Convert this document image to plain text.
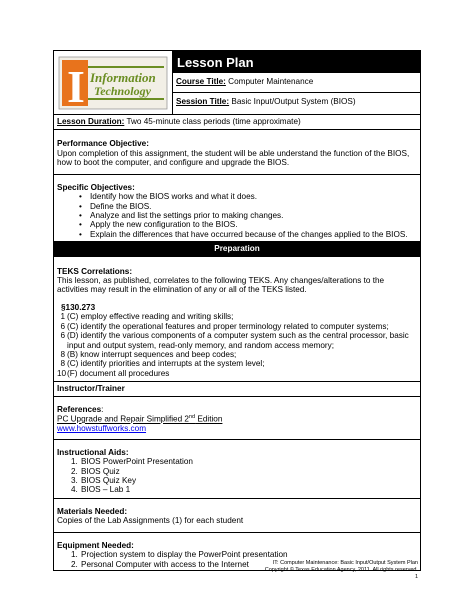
I Information
Technology
Lesson Plan
Course Title: Computer Maintenance
Session Title: Basic Input/Output System (BIOS)
Lesson Duration: Two 45-minute class periods (time approximate)
Performance Objective:
Upon completion of this assignment, the student will be able understand the function of the BIOS, how to boot the computer, and configure and upgrade the BIOS.
Specific Objectives:
• Identify how the BIOS works and what it does.
• Define the BIOS.
• Analyze and list the settings prior to making changes.
• Apply the new configuration to the BIOS.
• Explain the differences that have occurred because of the changes applied to the BIOS.
Preparation
TEKS Correlations:
This lesson, as published, correlates to the following TEKS. Any changes/alterations to the activities may result in the elimination of any or all of the TEKS listed.
§130.273
1 (C) employ effective reading and writing skills;
6 (C) identify the operational features and proper terminology related to computer systems;
6 (D) identify the various components of a computer system such as the central processor, basic input and output system, read-only memory, and random access memory;
8 (B) know interrupt sequences and beep codes;
8 (C) identify priorities and interrupts at the system level;
10 (F) document all procedures
Instructor/Trainer
References:
PC Upgrade and Repair Simplified 2nd Edition
www.howstuffworks.com
Instructional Aids:
1. BIOS PowerPoint Presentation
2. BIOS Quiz
3. BIOS Quiz Key
4. BIOS – Lab 1
Materials Needed:
Copies of the Lab Assignments (1) for each student
Equipment Needed:
1. Projection system to display the PowerPoint presentation
2. Personal Computer with access to the Internet	IT: Computer Maintenance: Basic Input/Output System Plan
Copyright © Texas Education Agency, 2011. All rights reserved.
1
